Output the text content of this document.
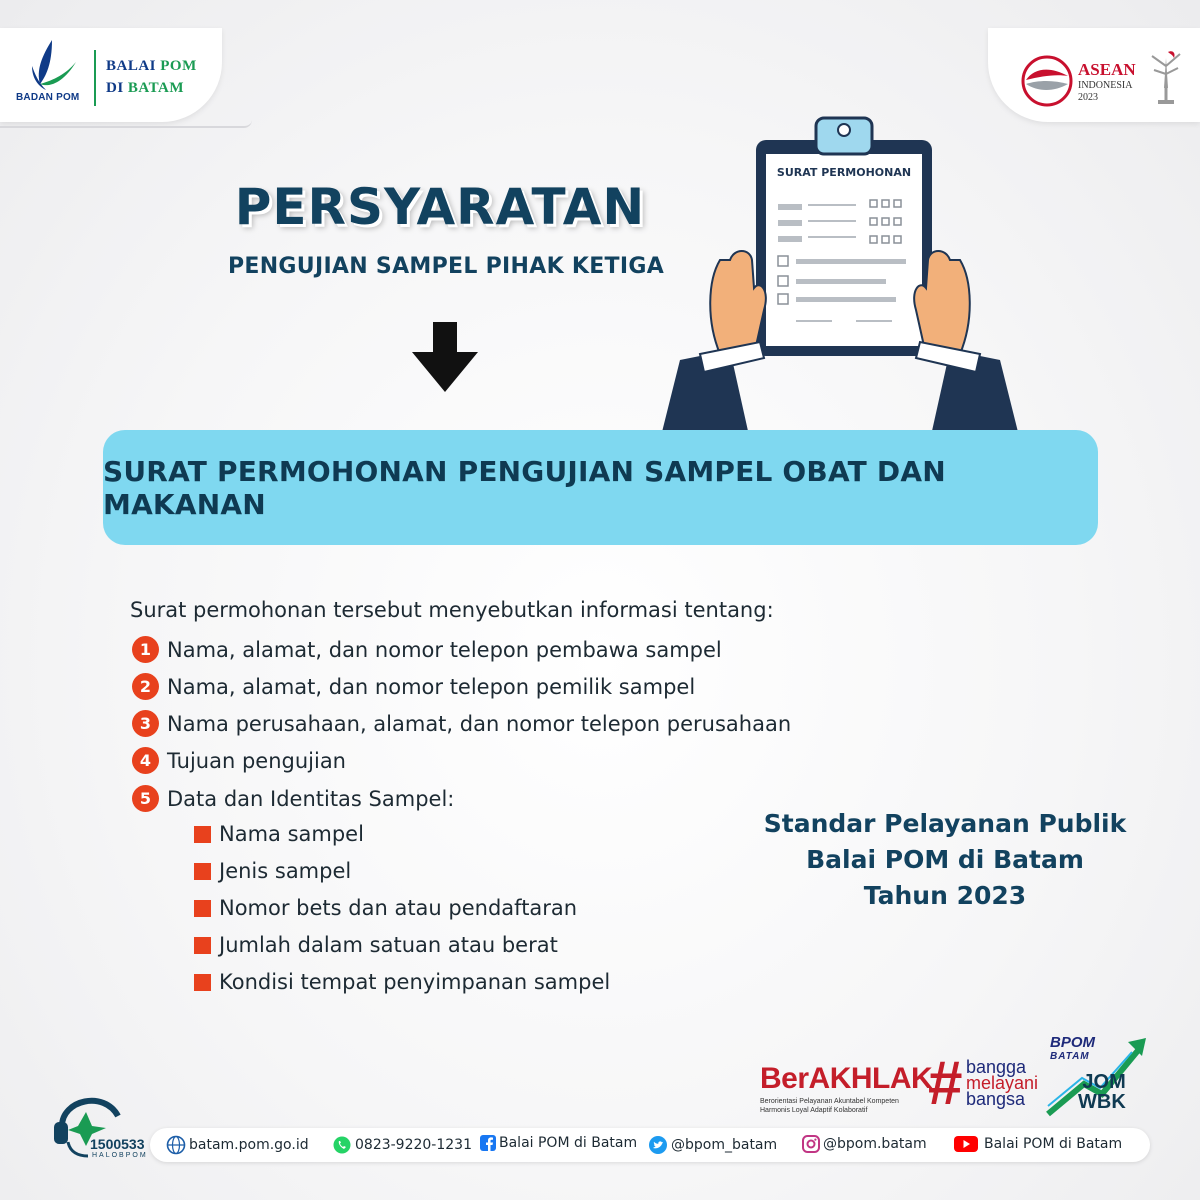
BADAN POM
BALAI POM
DI BATAM
ASEAN
INDONESIA
2023
PERSYARATAN
PENGUJIAN SAMPEL PIHAK KETIGA
SURAT PERMOHONAN
SURAT PERMOHONAN PENGUJIAN SAMPEL OBAT DAN MAKANAN
Surat permohonan tersebut menyebutkan informasi tentang:
1 Nama, alamat, dan nomor telepon pembawa sampel
2 Nama, alamat, dan nomor telepon pemilik sampel
3 Nama perusahaan, alamat, dan nomor telepon perusahaan
4 Tujuan pengujian
5 Data dan Identitas Sampel:
Nama sampel
Jenis sampel
Nomor bets dan atau pendaftaran
Jumlah dalam satuan atau berat
Kondisi tempat penyimpanan sampel
Standar Pelayanan Publik
Balai POM di Batam
Tahun 2023
BerAKHLAK
Berorientasi Pelayanan Akuntabel Kompeten
Harmonis Loyal Adaptif Kolaboratif # bangga
melayani
bangsa
BPOM
BATAM
JOM
WBK
1500533
HALOBPOM
batam.pom.go.id	0823-9220-1231 Balai POM di Batam @bpom_batam	@bpom.batam	Balai POM di Batam
